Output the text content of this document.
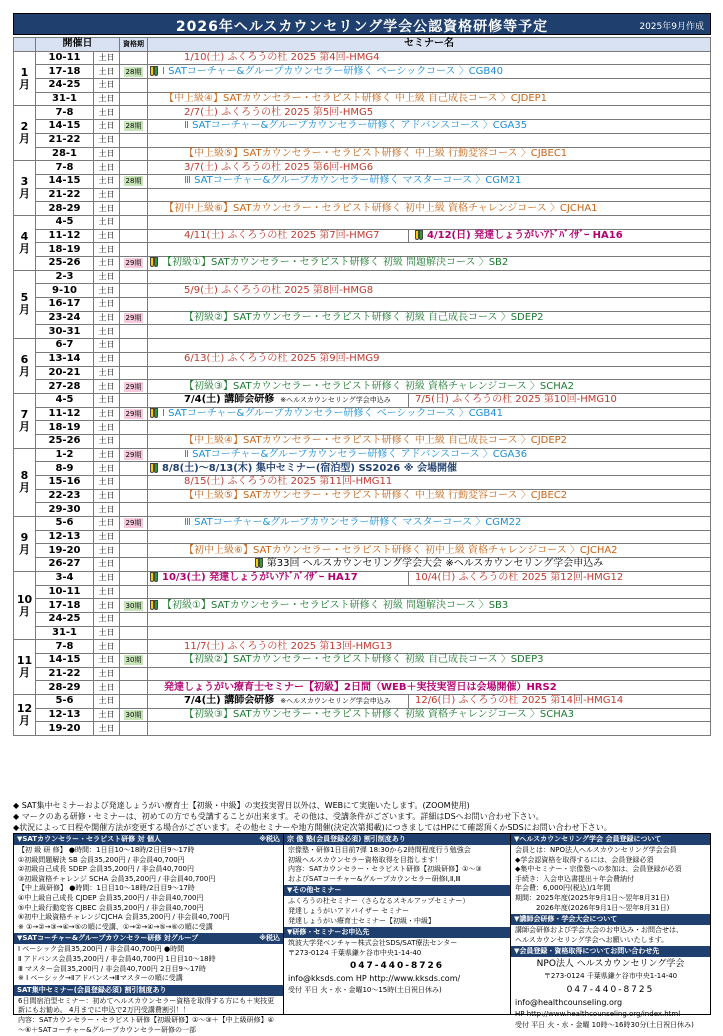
2026年ヘルスカウンセリング学会公認資格研修等予定	2025年9月作成
	開催日		資格期	セミナー名
1
月	10-11	土日		1/10(土) ふくろうの杜 2025 第4回-HMG4
	17-18	土日	28期	Ⅰ SATコーチャー&グループカウンセラー研修く ベーシックコース 〉CGB40
	24-25	土日		
	31-1	土日		【中上級④】SATカウンセラー・セラピスト研修く 中上級 自己成長コース 〉CJDEP1
2
月	7-8	土日		2/7(土) ふくろうの杜 2025 第5回-HMG5
	14-15	土日	28期	Ⅱ SATコーチャー&グループカウンセラー研修く アドバンスコース 〉CGA35
	21-22	土日		
	28-1	土日		【中上級⑤】SATカウンセラー・セラピスト研修く 中上級 行動変容コース 〉CJBEC1
3
月	7-8	土日		3/7(土) ふくろうの杜 2025 第6回-HMG6
	14-15	土日	28期	Ⅲ SATコーチャー&グループカウンセラー研修く マスターコース 〉CGM21
	21-22	土日		
	28-29	土日		【初中上級⑥】SATカウンセラー・セラピスト研修く 初中上級 資格チャレンジコース 〉CJCHA1
4
月	4-5	土日		
	11-12	土日		4/11(土) ふくろうの杜 2025 第7回-HMG7 4/12(日) 発達しょうがいｱﾄﾞﾊﾞｲｻﾞｰ HA16

	18-19	土日		
	25-26	土日	29期	【初級①】SATカウンセラー・セラピスト研修く 初級 問題解決コース 〉SB2
5
月	2-3	土日		
	9-10	土日		5/9(土) ふくろうの杜 2025 第8回-HMG8
	16-17	土日		
	23-24	土日	29期	【初級②】SATカウンセラー・セラピスト研修く 初級 自己成長コース 〉SDEP2
	30-31	土日		
6
月	6-7	土日		
	13-14	土日		6/13(土) ふくろうの杜 2025 第9回-HMG9
	20-21	土日		
	27-28	土日	29期	【初級③】SATカウンセラー・セラピスト研修く 初級 資格チャレンジコース 〉SCHA2
7
月	4-5	土日		7/4(土) 講師会研修 ※ヘルスカウンセリング学会申込み 7/5(日) ふくろうの杜 2025 第10回-HMG10

	11-12	土日	29期	Ⅰ SATコーチャー&グループカウンセラー研修く ベーシックコース 〉CGB41
	18-19	土日		
	25-26	土日		【中上級④】SATカウンセラー・セラピスト研修く 中上級 自己成長コース 〉CJDEP2
8
月	1-2	土日	29期	Ⅱ SATコーチャー&グループカウンセラー研修く アドバンスコース 〉CGA36
	8-9	土日		8/8(土)～8/13(木) 集中セミナー(宿泊型) SS2026 ※ 会場開催
	15-16	土日		8/15(土) ふくろうの杜 2025 第11回-HMG11
	22-23	土日		【中上級⑤】SATカウンセラー・セラピスト研修く 中上級 行動変容コース 〉CJBEC2
	29-30	土日		
9
月	5-6	土日	29期	Ⅲ SATコーチャー&グループカウンセラー研修く マスターコース 〉CGM22
	12-13	土日		
	19-20	土日		【初中上級⑥】SATカウンセラー・セラピスト研修く 初中上級 資格チャレンジコース 〉CJCHA2
	26-27	土日		第33回 ヘルスカウンセリング学会大会 ※ヘルスカウンセリング学会申込み
10
月	3-4	土日		10/3(土) 発達しょうがいｱﾄﾞﾊﾞｲｻﾞｰ HA17 10/4(日) ふくろうの杜 2025 第12回-HMG12

	10-11	土日		
	17-18	土日	30期	【初級①】SATカウンセラー・セラピスト研修く 初級 問題解決コース 〉SB3
	24-25	土日		
	31-1	土日		
11
月	7-8	土日		11/7(土) ふくろうの杜 2025 第13回-HMG13
	14-15	土日	30期	【初級②】SATカウンセラー・セラピスト研修く 初級 自己成長コース 〉SDEP3
	21-22	土日		
	28-29	土日		発達しょうがい療育士セミナー【初級】2日間（WEB＋実技実習日は会場開催）HRS2
12
月	5-6	土日		7/4(土) 講師会研修 ※ヘルスカウンセリング学会申込み 12/6(日) ふくろうの杜 2025 第14回-HMG14

	12-13	土日	30期	【初級③】SATカウンセラー・セラピスト研修く 初級 資格チャレンジコース 〉SCHA3
	19-20	土日		
◆ SAT集中セミナーおよび発達しょうがい療育士【初級・中級】の実技実習日以外は、WEBにて実施いたします。(ZOOM使用)
◆ マークのある研修・セミナーは、初めての方でも受講することが出来ます。その他は、受講条件がございます。詳細はDSへお問い合わせ下さい。
◆状況によって日程や開催方法が変更する場合がございます。その他セミナーや地方開催(決定次第掲載)につきましてはHPにて確認頂くかSDSにお問い合わせ下さい。
▼SATカウンセラー・セラピスト研修 対 個人	※税込
【初 級 研 修】 ●時間：1日目10～18時/2日目9～17時
①初級問題解決 SB 会員35,200円 / 非会員40,700円
②初級自己成長 SDEP 会員35,200円 / 非会員40,700円
③初級資格チャレンジ SCHA 会員35,200円 / 非会員40,700円
【中上級研修】 ●時間：1日目10～18時/2日目9～17時
④中上級自己成長 CJDEP 会員35,200円 / 非会員40,700円
⑤中上級行動変容 CJBEC 会員35,200円 / 非会員40,700円
⑥初中上級資格チャレンジCJCHA 会員35,200円 / 非会員40,700円
※ ①→②→③→④→⑤の順に受講、①→②→④→⑤→⑥の順に受講
▼SATコーチャー&グループカウンセラー研修 対グループ	※税込
Ⅰ ベーシック会員35,200円 / 非会員40,700円 ●時間
Ⅱ アドバンス会員35,200円 / 非会員40,700円 1日目10～18時
Ⅲ マスター会員35,200円 / 非会員40,700円 2日目9～17時
※ Ⅰ ベーシック→Ⅱアドバンス→Ⅲマスターの順に受講
SAT集中セミナー(会員登録必須) 割引制度あり
6日間宿泊型セミナー：初めてヘルスカウンセラー資格を取得する方にも＋実技更新にもお勧め。 4月までに申込で2万円受講費割引！！
内容：SATカウンセラー・セラピスト研修【初級研修】①～③＋【中上級研修】④～⑥＋SATコーチャー&グループカウンセラー研修の一部
宗 像 塾(会員登録必須) 割引制度あり
宗像塾・研修1日目前7弾 18:30から2時間程度行う勉強会
初級ヘルスカウンセラー資格取得を目指します！
内容：SATカウンセラー・セラピスト研修【初級研修】①～③
およびSATコーチャー&グループカウンセラー研修Ⅰ,Ⅱ,Ⅲ
▼その他セミナー
ふくろうの杜セミナー（さらなるスキルアップセミナー）
発達しょうがいアドバイザー セミナー
発達しょうがい療育士セミナー【初級・中級】
▼研修・セミナーお申込先
筑波大学発ベンチャー株式会社SDS/SAT療法センター
〒273-0124 千葉県鎌ケ谷市中央1-14-40
047-440-8726
info@kksds.com HP http://www.kksds.com/
受付 平日 火・水・金曜10～15時(土日祝日休み)
▼ヘルスカウンセリング学会 会員登録について
会員とは：NPO法人ヘルスカウンセリング学会会員
◆学会認資格を取得するには、会員登録必須
◆集中セミナー・宗像塾への参加は、会員登録が必須
手続き：入会申込書提出＋年会費納付
年会費：6,000円(税込)/1年間
期間：2025年度(2025年9月1日～翌年8月31日)
　　　2026年度(2026年9月1日～翌年8月31日)
▼講師会研修・学会大会について
講師会研修および学会大会のお申込み・お問合せは、
ヘルスカウンセリング学会へお願いいたします。
▼会員登録・資格取得についてお問い合わせ先
NPO法人 ヘルスカウンセリング学会
〒273-0124 千葉県鎌ケ谷市中央1-14-40
047-440-8725
info@healthcounseling.org
HP http://www.healthcounseling.org/index.html
受付 平日 火・水・金曜 10時～16時30分(土日祝日休み)
